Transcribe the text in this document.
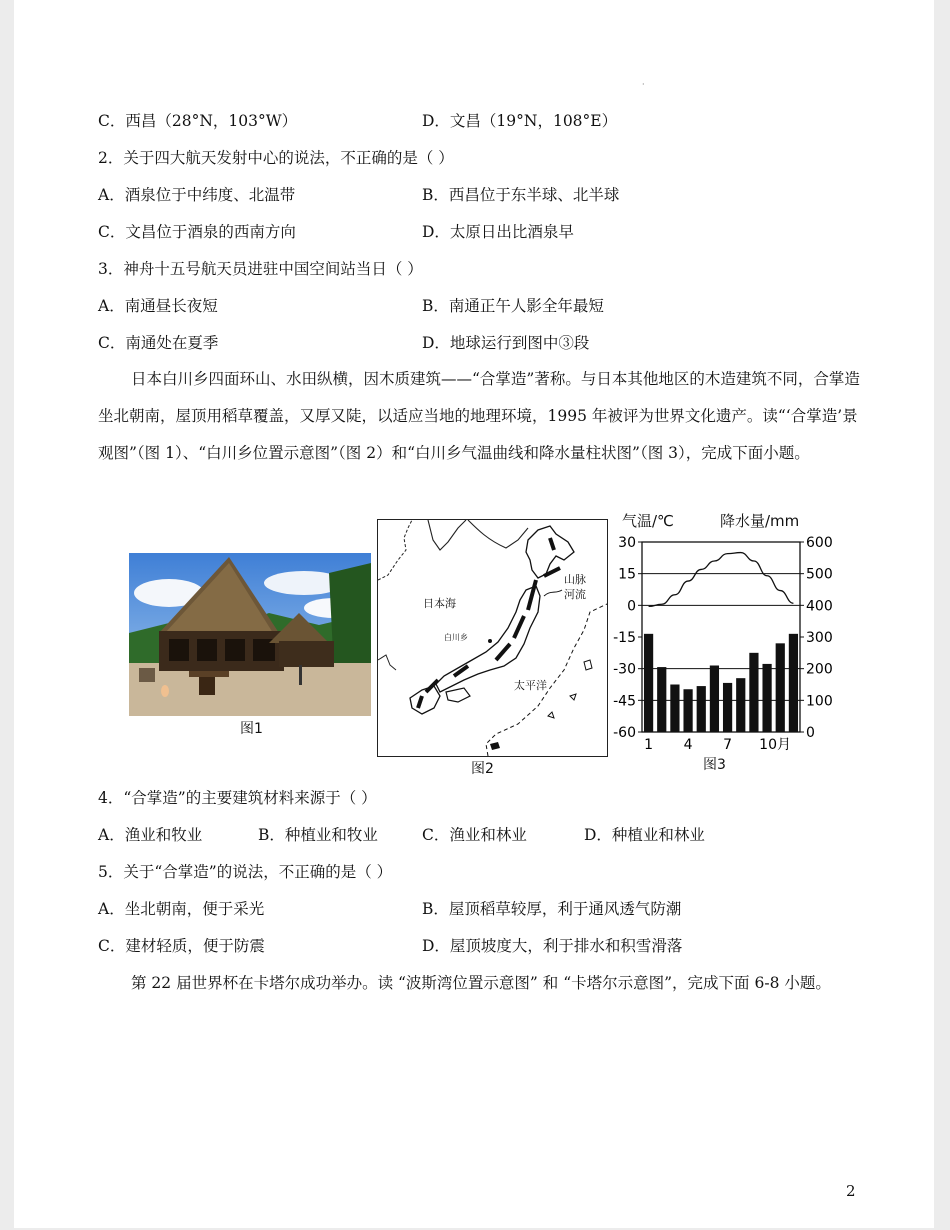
·
C．西昌（28°N，103°W）	D．文昌（19°N，108°E）
2．关于四大航天发射中心的说法，不正确的是（ ）
A．酒泉位于中纬度、北温带	B．西昌位于东半球、北半球
C．文昌位于酒泉的西南方向	D．太原日出比酒泉早
3．神舟十五号航天员进驻中国空间站当日（ ）
A．南通昼长夜短	B．南通正午人影全年最短
C．南通处在夏季	D．地球运行到图中③段
日本白川乡四面环山、水田纵横，因木质建筑——“合掌造”著称。与日本其他地区的木造建筑不同，合掌造坐北朝南，屋顶用稻草覆盖，又厚又陡，以适应当地的地理环境，1995 年被评为世界文化遗产。读“‘合掌造’景观图”（图 1）、“白川乡位置示意图”（图 2）和“白川乡气温曲线和降水量柱状图”（图 3），完成下面小题。
图1
日本海
太平洋
白川乡
山脉
河流
图2
气温/℃	降水量/mm
30
15
0
-15
-30
-45
-60
600
500
400
300
200
100
0
1 4 7 10月
图3
4．“合掌造”的主要建筑材料来源于（ ）
A．渔业和牧业	B．种植业和牧业	C．渔业和林业	D．种植业和林业
5．关于“合掌造”的说法，不正确的是（ ）
A．坐北朝南，便于采光	B．屋顶稻草较厚，利于通风透气防潮
C．建材轻质，便于防震	D．屋顶坡度大，利于排水和积雪滑落
第 22 届世界杯在卡塔尔成功举办。读 “波斯湾位置示意图” 和 “卡塔尔示意图”，完成下面 6-8 小题。
2
